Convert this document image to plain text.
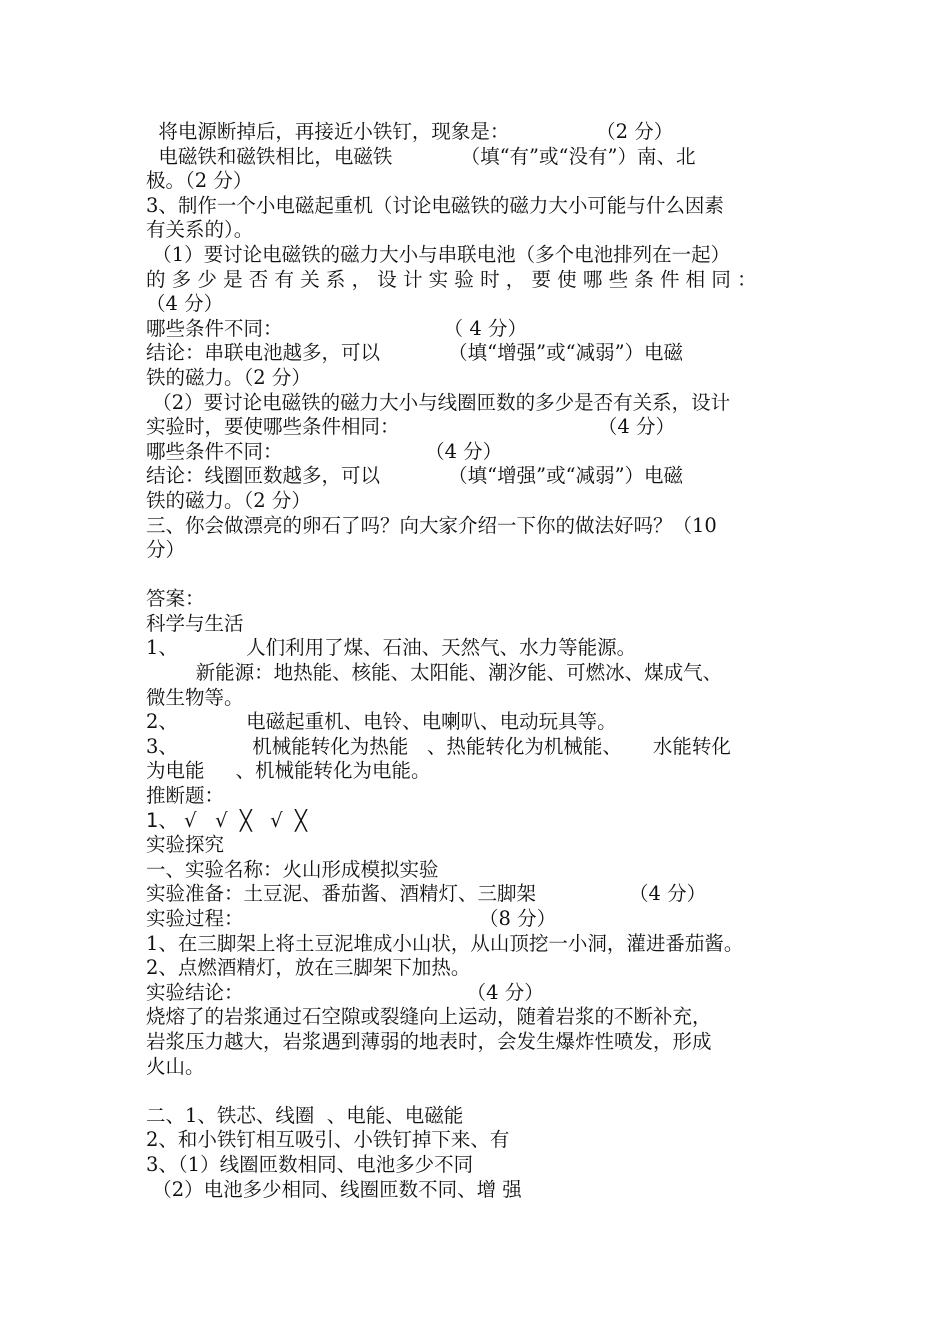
将电源断掉后，再接近小铁钉，现象是：              （2 分）
电磁铁和磁铁相比，电磁铁           （填“有”或“没有”）南、北
极。（2 分）
3、制作一个小电磁起重机（讨论电磁铁的磁力大小可能与什么因素
有关系的）。
（1）要讨论电磁铁的磁力大小与串联电池（多个电池排列在一起）
的 多 少 是 否 有 关 系 ， 设 计 实 验 时 ， 要 使 哪 些 条 件 相 同 ：
（4 分）
哪些条件不同：                          （ 4 分）
结论：串联电池越多，可以           （填“增强”或“减弱”）电磁
铁的磁力。（2 分）
（2）要讨论电磁铁的磁力大小与线圈匝数的多少是否有关系，设计
实验时，要使哪些条件相同：                                （4 分）
哪些条件不同：                       （4 分）
结论：线圈匝数越多，可以           （填“增强”或“减弱”）电磁
铁的磁力。（2 分）
三、你会做漂亮的卵石了吗？向大家介绍一下你的做法好吗？（10
分）
答案：
科学与生活
1、           人们利用了煤、石油、天然气、水力等能源。
新能源：地热能、核能、太阳能、潮汐能、可燃冰、煤成气、
微生物等。
2、           电磁起重机、电铃、电喇叭、电动玩具等。
3、            机械能转化为热能   、热能转化为机械能、     水能转化
为电能     、机械能转化为电能。
推断题：
1、 √   √  ╳   √  ╳
实验探究
一、实验名称：火山形成模拟实验
实验准备：土豆泥、番茄酱、酒精灯、三脚架               （4 分）
实验过程：                                      （8 分）
1、在三脚架上将土豆泥堆成小山状，从山顶挖一小洞，灌进番茄酱。
2、点燃酒精灯，放在三脚架下加热。
实验结论：                                    （4 分）
烧熔了的岩浆通过石空隙或裂缝向上运动，随着岩浆的不断补充，
岩浆压力越大，岩浆遇到薄弱的地表时，会发生爆炸性喷发，形成
火山。
二、1、铁芯、线圈  、电能、电磁能
2、和小铁钉相互吸引、小铁钉掉下来、有
3、（1）线圈匝数相同、电池多少不同
（2）电池多少相同、线圈匝数不同、增 强
